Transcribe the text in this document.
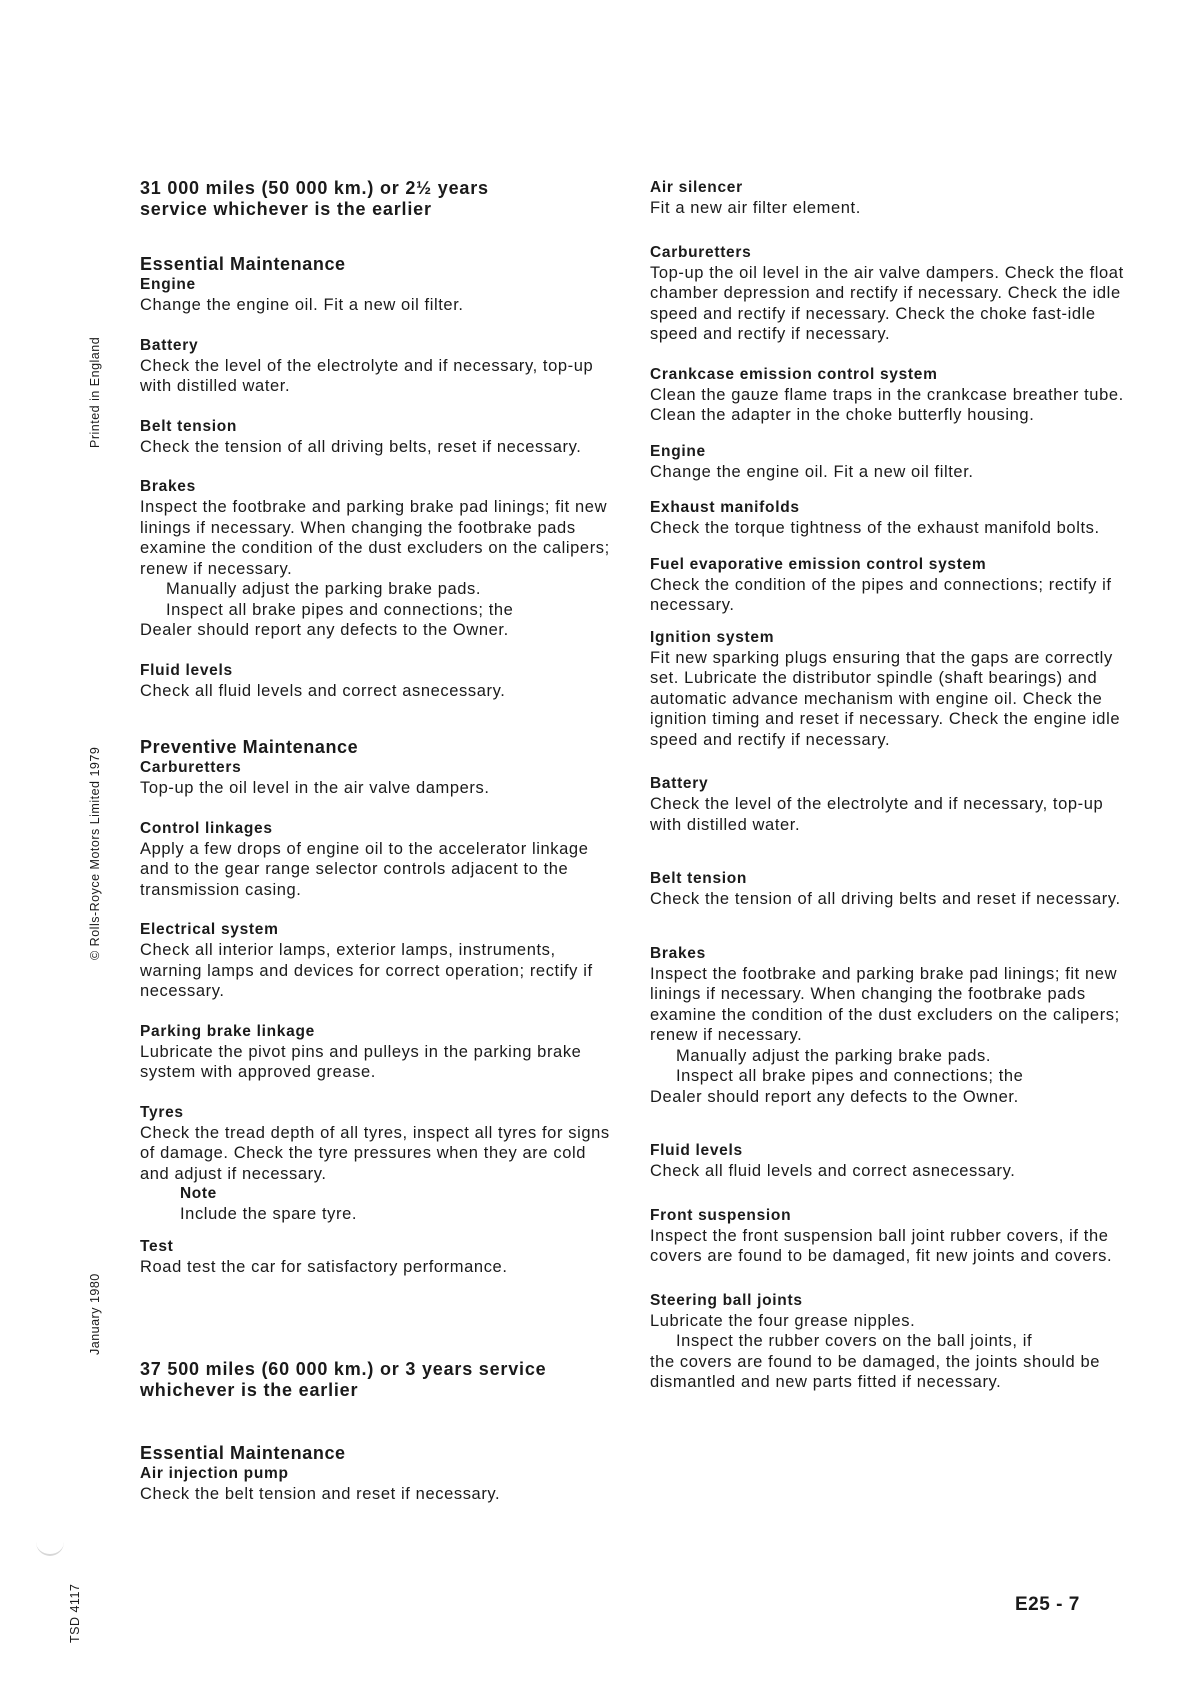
Printed in England
© Rolls-Royce Motors Limited 1979
January 1980
TSD 4117

31 000 miles (50 000 km.) or 2½ years

service whichever is the earlier

Essential Maintenance

Engine

Change the engine oil. Fit a new oil filter.

Battery

Check the level of the electrolyte and if necessary, top-up with distilled water.

Belt tension

Check the tension of all driving belts, reset if necessary.

Brakes

Inspect the footbrake and parking brake pad linings; fit new linings if necessary. When changing the footbrake pads examine the condition of the dust excluders on the calipers; renew if necessary.

Manually adjust the parking brake pads.

Inspect all brake pipes and connections; the

Dealer should report any defects to the Owner.

Fluid levels

Check all fluid levels and correct asnecessary.

Preventive Maintenance

Carburetters

Top-up the oil level in the air valve dampers.

Control linkages

Apply a few drops of engine oil to the accelerator linkage and to the gear range selector controls adjacent to the transmission casing.

Electrical system

Check all interior lamps, exterior lamps, instruments, warning lamps and devices for correct operation; rectify if necessary.

Parking brake linkage

Lubricate the pivot pins and pulleys in the parking brake system with approved grease.

Tyres

Check the tread depth of all tyres, inspect all tyres for signs of damage. Check the tyre pressures when they are cold and adjust if necessary.

Note

Include the spare tyre.

Test

Road test the car for satisfactory performance.

37 500 miles (60 000 km.) or 3 years service

whichever is the earlier

Essential Maintenance

Air injection pump

Check the belt tension and reset if necessary.

Air silencer

Fit a new air filter element.

Carburetters

Top-up the oil level in the air valve dampers. Check the float chamber depression and rectify if necessary. Check the idle speed and rectify if necessary. Check the choke fast-idle speed and rectify if necessary.

Crankcase emission control system

Clean the gauze flame traps in the crankcase breather tube. Clean the adapter in the choke butterfly housing.

Engine

Change the engine oil. Fit a new oil filter.

Exhaust manifolds

Check the torque tightness of the exhaust manifold bolts.

Fuel evaporative emission control system

Check the condition of the pipes and connections; rectify if necessary.

Ignition system

Fit new sparking plugs ensuring that the gaps are correctly set. Lubricate the distributor spindle (shaft bearings) and automatic advance mechanism with engine oil. Check the ignition timing and reset if necessary. Check the engine idle speed and rectify if necessary.

Battery

Check the level of the electrolyte and if necessary, top-up with distilled water.

Belt tension

Check the tension of all driving belts and reset if necessary.

Brakes

Inspect the footbrake and parking brake pad linings; fit new linings if necessary. When changing the footbrake pads examine the condition of the dust excluders on the calipers; renew if necessary.

Manually adjust the parking brake pads.

Inspect all brake pipes and connections; the

Dealer should report any defects to the Owner.

Fluid levels

Check all fluid levels and correct asnecessary.

Front suspension

Inspect the front suspension ball joint rubber covers, if the covers are found to be damaged, fit new joints and covers.

Steering ball joints

Lubricate the four grease nipples.

Inspect the rubber covers on the ball joints, if

the covers are found to be damaged, the joints should be dismantled and new parts fitted if necessary.

E25 - 7
